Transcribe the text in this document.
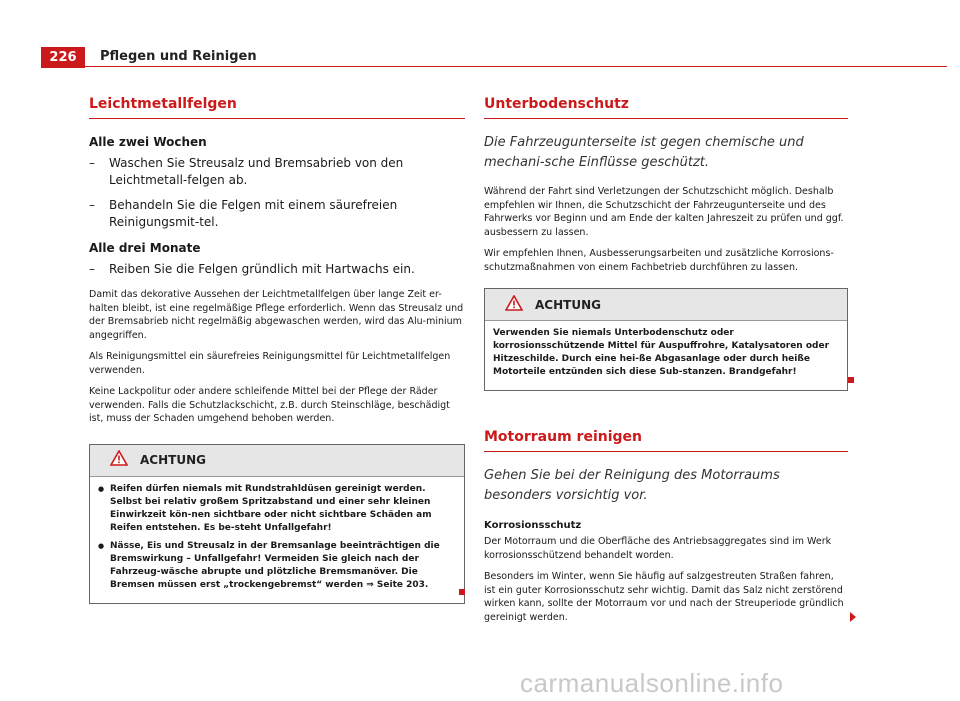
226	Pflegen und Reinigen
Leichtmetallfelgen
Alle zwei Wochen
– Waschen Sie Streusalz und Bremsabrieb von den Leichtmetall-felgen ab.
– Behandeln Sie die Felgen mit einem säurefreien Reinigungsmit-tel.
Alle drei Monate
– Reiben Sie die Felgen gründlich mit Hartwachs ein.

Damit das dekorative Aussehen der Leichtmetallfelgen über lange Zeit er-halten bleibt, ist eine regelmäßige Pflege erforderlich. Wenn das Streusalz und der Bremsabrieb nicht regelmäßig abgewaschen werden, wird das Alu-minium angegriffen.

Als Reinigungsmittel ein säurefreies Reinigungsmittel für Leichtmetallfelgen verwenden.

Keine Lackpolitur oder andere schleifende Mittel bei der Pflege der Räder verwenden. Falls die Schutzlackschicht, z.B. durch Steinschläge, beschädigt ist, muss der Schaden umgehend behoben werden.

ACHTUNG

● Reifen dürfen niemals mit Rundstrahldüsen gereinigt werden. Selbst bei relativ großem Spritzabstand und einer sehr kleinen Einwirkzeit kön-nen sichtbare oder nicht sichtbare Schäden am Reifen entstehen. Es be-steht Unfallgefahr!

● Nässe, Eis und Streusalz in der Bremsanlage beeinträchtigen die Bremswirkung – Unfallgefahr! Vermeiden Sie gleich nach der Fahrzeug-wäsche abrupte und plötzliche Bremsmanöver. Die Bremsen müssen erst „trockengebremst“ werden ⇒ Seite 203.

Unterbodenschutz

Die Fahrzeugunterseite ist gegen chemische und mechani-sche Einflüsse geschützt.

Während der Fahrt sind Verletzungen der Schutzschicht möglich. Deshalb empfehlen wir Ihnen, die Schutzschicht der Fahrzeugunterseite und des Fahrwerks vor Beginn und am Ende der kalten Jahreszeit zu prüfen und ggf. ausbessern zu lassen.

Wir empfehlen Ihnen, Ausbesserungsarbeiten und zusätzliche Korrosions-schutzmaßnahmen von einem Fachbetrieb durchführen zu lassen.

ACHTUNG

Verwenden Sie niemals Unterbodenschutz oder korrosionsschützende Mittel für Auspuffrohre, Katalysatoren oder Hitzeschilde. Durch eine hei-ße Abgasanlage oder durch heiße Motorteile entzünden sich diese Sub-stanzen. Brandgefahr!

Motorraum reinigen

Gehen Sie bei der Reinigung des Motorraums besonders vorsichtig vor.

Korrosionsschutz

Der Motorraum und die Oberfläche des Antriebsaggregates sind im Werk korrosionsschützend behandelt worden.

Besonders im Winter, wenn Sie häufig auf salzgestreuten Straßen fahren, ist ein guter Korrosionsschutz sehr wichtig. Damit das Salz nicht zerstörend wirken kann, sollte der Motorraum vor und nach der Streuperiode gründlich gereinigt werden.

carmanualsonline.info
